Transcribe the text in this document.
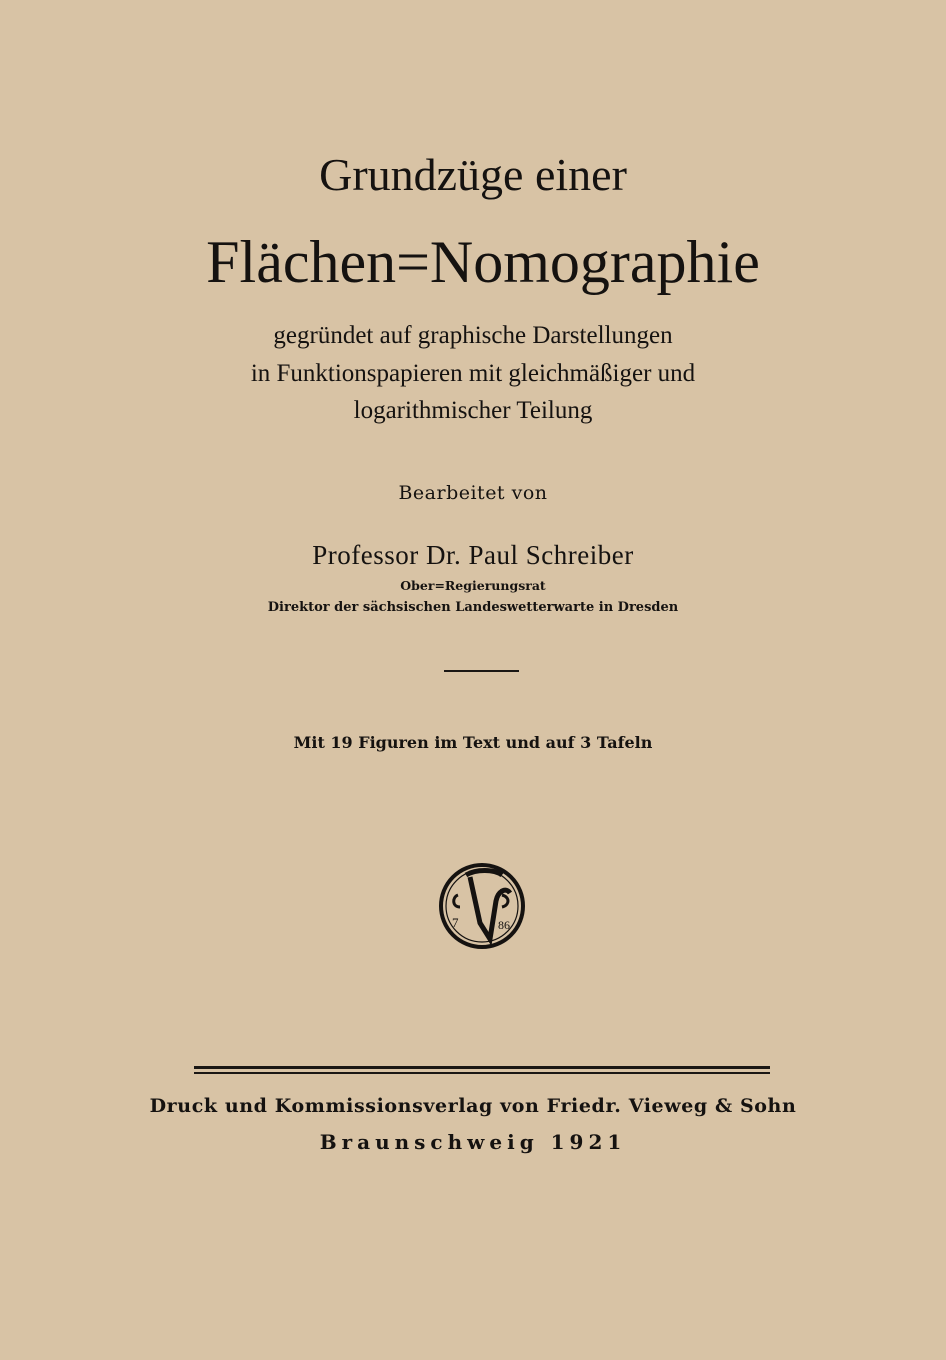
Grundzüge einer
Flächen=Nomographie
gegründet auf graphische Darstellungen
in Funktionspapieren mit gleichmäßiger und
logarithmischer Teilung
Bearbeitet von
Professor Dr. Paul Schreiber
Ober=Regierungsrat
Direktor der sächsischen Landeswetterwarte in Dresden
Mit 19 Figuren im Text und auf 3 Tafeln
7	86
Druck und Kommissionsverlag von Friedr. Vieweg & Sohn
Braunschweig 1921
